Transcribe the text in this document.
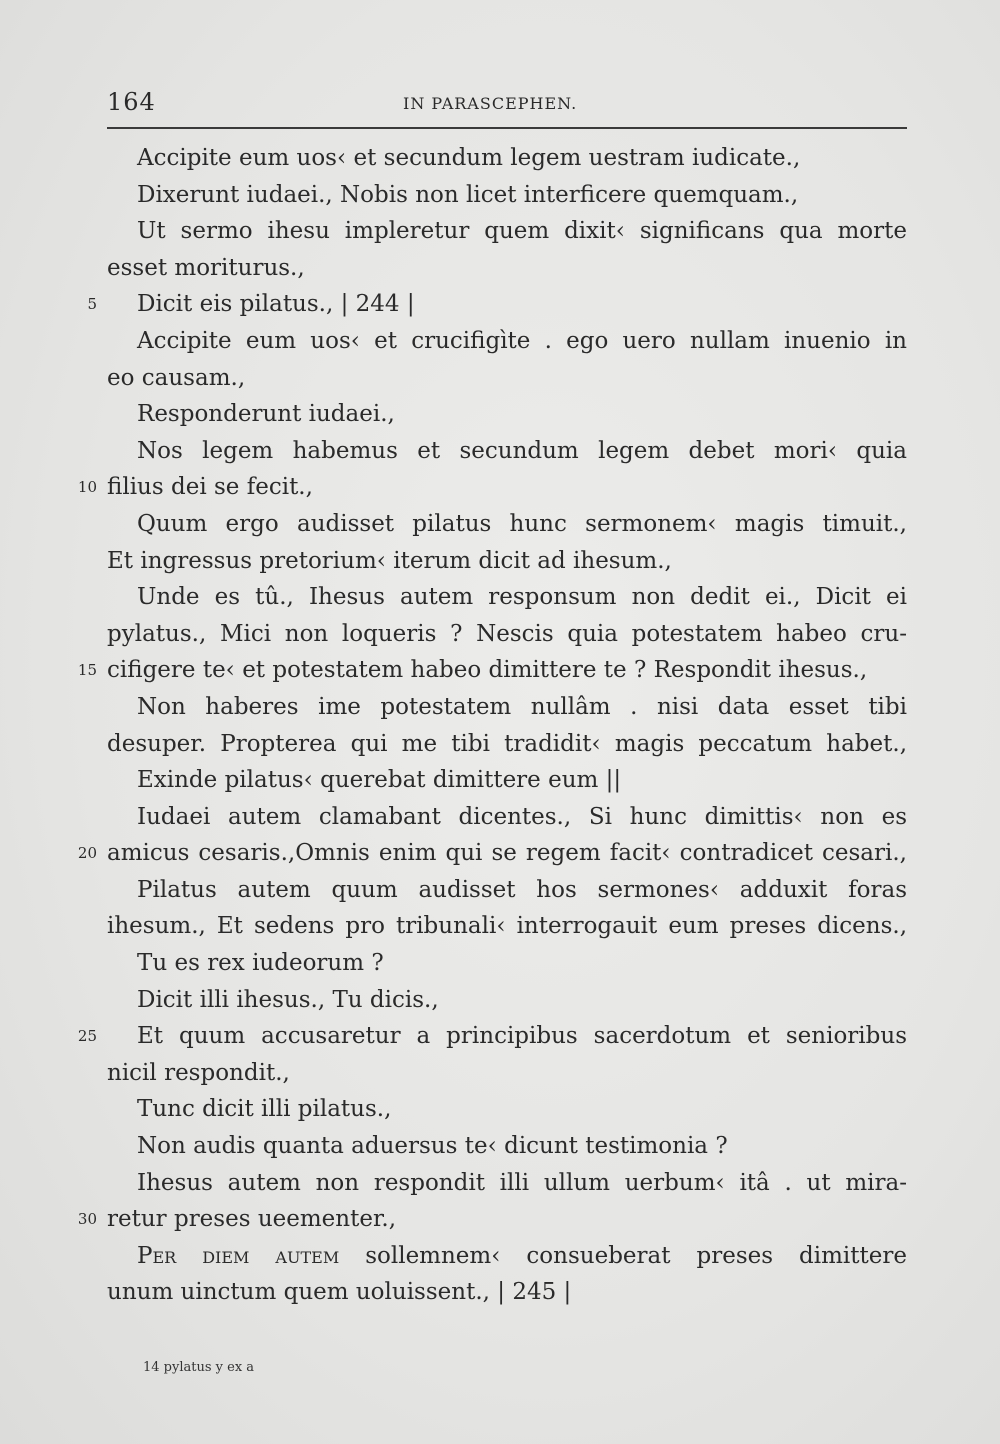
164	IN PARASCEPHEN.
Accipite eum uos‹ et secundum legem uestram iudicate.,
Dixerunt iudaei., Nobis non licet interficere quemquam.,
Ut sermo ihesu impleretur quem dixit‹ significans qua morte
esset moriturus.,
5 Dicit eis pilatus., | 244 |
Accipite eum uos‹ et crucifigìte . ego uero nullam inuenio in
eo causam.,
Responderunt iudaei.,
Nos legem habemus et secundum legem debet mori‹ quia
10 filius dei se fecit.,
Quum ergo audisset pilatus hunc sermonem‹ magis timuit.,
Et ingressus pretorium‹ iterum dicit ad ihesum.,
Unde es tû., Ihesus autem responsum non dedit ei., Dicit ei
pylatus., Mici non loqueris ? Nescis quia potestatem habeo cru-
15 cifigere te‹ et potestatem habeo dimittere te ? Respondit ihesus.,
Non haberes ime potestatem nullâm . nisi data esset tibi
desuper. Propterea qui me tibi tradidit‹ magis peccatum habet.,
Exinde pilatus‹ querebat dimittere eum ||
Iudaei autem clamabant dicentes., Si hunc dimittis‹ non es
20 amicus cesaris.,Omnis enim qui se regem facit‹ contradicet cesari.,
Pilatus autem quum audisset hos sermones‹ adduxit foras
ihesum., Et sedens pro tribunali‹ interrogauit eum preses dicens.,
Tu es rex iudeorum ?
Dicit illi ihesus., Tu dicis.,
25 Et quum accusaretur a principibus sacerdotum et senioribus
nicil respondit.,
Tunc dicit illi pilatus.,
Non audis quanta aduersus te‹ dicunt testimonia ?
Ihesus autem non respondit illi ullum uerbum‹ itâ . ut mira-
30 retur preses ueementer.,
Per diem autem sollemnem‹ consueberat preses dimittere
unum uinctum quem uoluissent., | 245 |
14 pylatus y ex a
